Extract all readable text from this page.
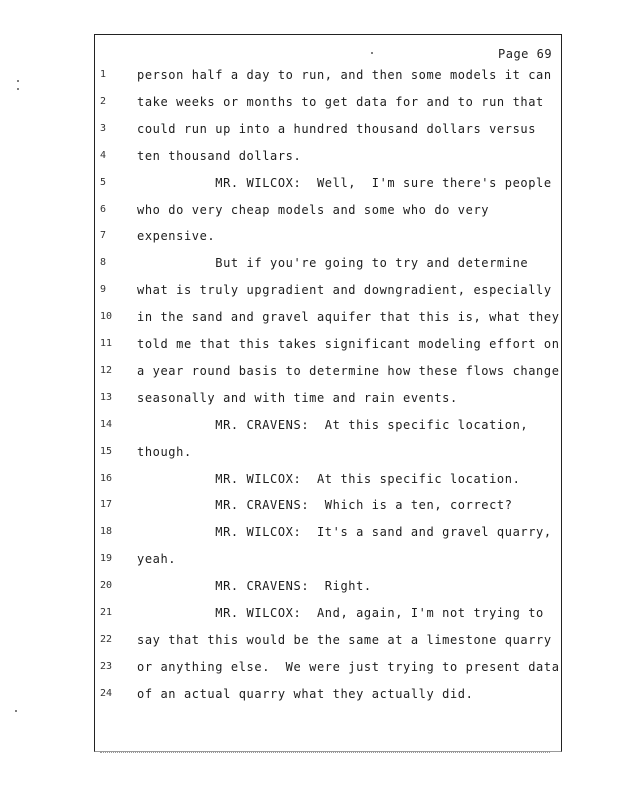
Page 69
1	person half a day to run, and then some models it can
2	take weeks or months to get data for and to run that
3	could run up into a hundred thousand dollars versus
4	ten thousand dollars.
5	MR. WILCOX:  Well,  I'm sure there's people
6	who do very cheap models and some who do very
7	expensive.
8	But if you're going to try and determine
9	what is truly upgradient and downgradient, especially
10	in the sand and gravel aquifer that this is, what they
11	told me that this takes significant modeling effort on
12	a year round basis to determine how these flows change
13	seasonally and with time and rain events.
14	MR. CRAVENS:  At this specific location,
15	though.
16	MR. WILCOX:  At this specific location.
17	MR. CRAVENS:  Which is a ten, correct?
18	MR. WILCOX:  It's a sand and gravel quarry,
19	yeah.
20	MR. CRAVENS:  Right.
21	MR. WILCOX:  And, again, I'm not trying to
22	say that this would be the same at a limestone quarry
23	or anything else.  We were just trying to present data
24	of an actual quarry what they actually did.
